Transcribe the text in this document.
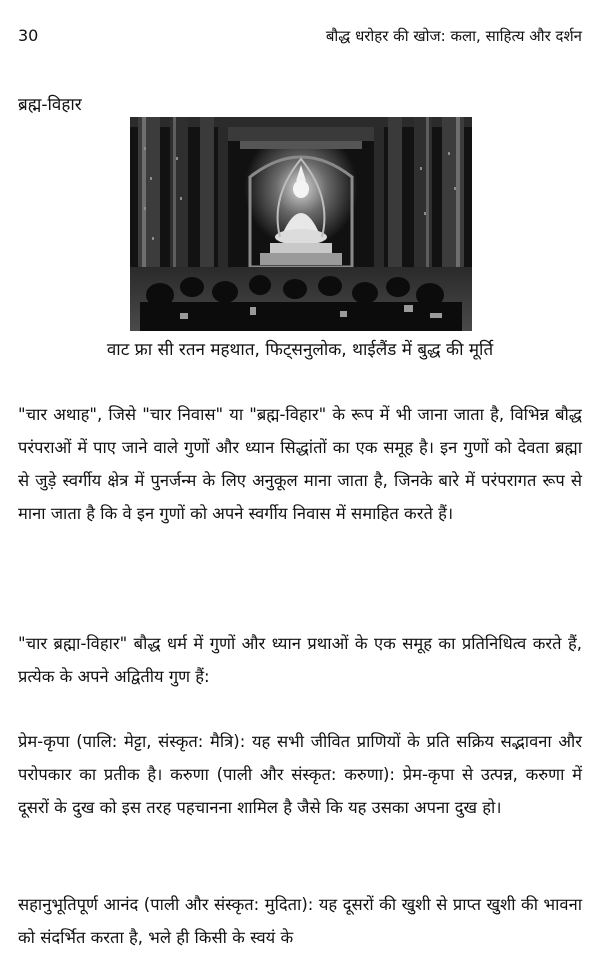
30	बौद्ध धरोहर की खोज: कला, साहित्य और दर्शन
ब्रह्म-विहार
वाट फ्रा सी रतन महथात, फिट्सनुलोक, थाईलैंड में बुद्ध की मूर्ति

"चार अथाह", जिसे "चार निवास" या "ब्रह्म-विहार" के रूप में भी जाना जाता है, विभिन्न बौद्ध परंपराओं में पाए जाने वाले गुणों और ध्यान सिद्धांतों का एक समूह है। इन गुणों को देवता ब्रह्मा से जुड़े स्वर्गीय क्षेत्र में पुनर्जन्म के लिए अनुकूल माना जाता है, जिनके बारे में परंपरागत रूप से माना जाता है कि वे इन गुणों को अपने स्वर्गीय निवास में समाहित करते हैं।

"चार ब्रह्मा-विहार" बौद्ध धर्म में गुणों और ध्यान प्रथाओं के एक समूह का प्रतिनिधित्व करते हैं, प्रत्येक के अपने अद्वितीय गुण हैं:

प्रेम-कृपा (पालि: मेट्टा, संस्कृत: मैत्रि): यह सभी जीवित प्राणियों के प्रति सक्रिय सद्भावना और परोपकार का प्रतीक है। करुणा (पाली और संस्कृत: करुणा): प्रेम-कृपा से उत्पन्न, करुणा में दूसरों के दुख को इस तरह पहचानना शामिल है जैसे कि यह उसका अपना दुख हो।

सहानुभूतिपूर्ण आनंद (पाली और संस्कृत: मुदिता): यह दूसरों की खुशी से प्राप्त खुशी की भावना को संदर्भित करता है, भले ही किसी के स्वयं के
